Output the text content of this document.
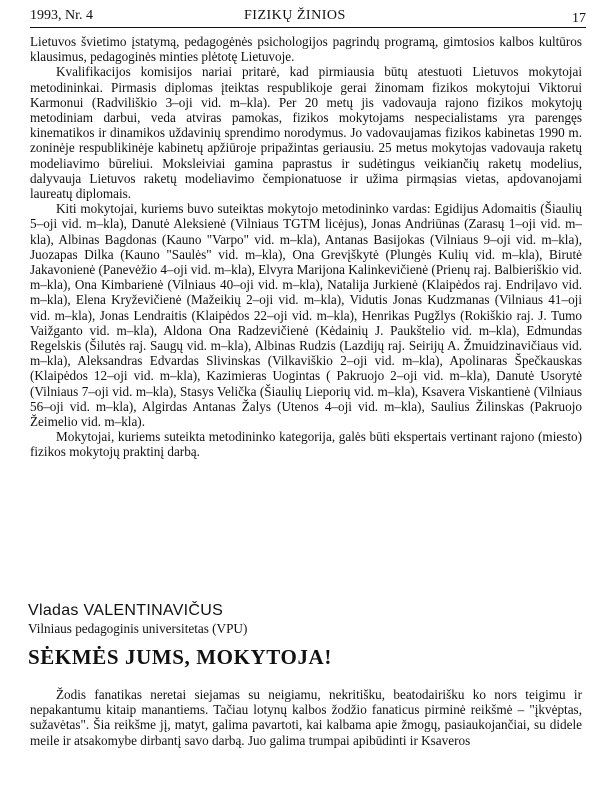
1993, Nr. 4	FIZIKŲ ŽINIOS	17

Lietuvos švietimo įstatymą, pedagogėnės psichologijos pagrindų programą, gimtosios kalbos kultūros klausimus, pedagoginės minties plėtotę Lietuvoje.

Kvalifikacijos komisijos nariai pritarė, kad pirmiausia būtų atestuoti Lietuvos mokytojai metodininkai. Pirmasis diplomas įteiktas respublikoje gerai žinomam fizikos mokytojui Viktorui Karmonui (Radviliškio 3–oji vid. m–kla). Per 20 metų jis vadovauja rajono fizikos mokytojų metodiniam darbui, veda atviras pamokas, fizikos mokytojams nespecialistams yra parengęs kinematikos ir dinamikos uždavinių sprendimo norodymus. Jo vadovaujamas fizikos kabinetas 1990 m. zoninėje respublikinėje kabinetų apžiūroje pripažintas geriausiu. 25 metus mokytojas vadovauja raketų modeliavimo būreliui. Moksleiviai gamina paprastus ir sudėtingus veikiančių raketų modelius, dalyvauja Lietuvos raketų modeliavimo čempionatuose ir užima pirmąsias vietas, apdovanojami laureatų diplomais.

Kiti mokytojai, kuriems buvo suteiktas mokytojo metodininko vardas: Egidijus Adomaitis (Šiaulių 5–oji vid. m–kla), Danutė Aleksienė (Vilniaus TGTM licėjus), Jonas Andriūnas (Zarasų 1–oji vid. m–kla), Albinas Bagdonas (Kauno "Varpo" vid. m–kla), Antanas Basijokas (Vilniaus 9–oji vid. m–kla), Juozapas Dilka (Kauno "Saulės" vid. m–kla), Ona Grevįškytė (Plungės Kulių vid. m–kla), Birutė Jakavonienė (Panevėžio 4–oji vid. m–kla), Elvyra Marijona Kalinkevičienė (Prienų raj. Balbieriškio vid. m–kla), Ona Kimbarienė (Vilniaus 40–oji vid. m–kla), Natalija Jurkienė (Klaipėdos raj. Endriļavo vid. m–kla), Elena Kryževičienė (Mažeikių 2–oji vid. m–kla), Vidutis Jonas Kudzmanas (Vilniaus 41–oji vid. m–kla), Jonas Lendraitis (Klaipėdos 22–oji vid. m–kla), Henrikas Pugžlys (Rokiškio raj. J. Tumo Vaižganto vid. m–kla), Aldona Ona Radzevičienė (Kėdainių J. Paukštelio vid. m–kla), Edmundas Regelskis (Šilutės raj. Saugų vid. m–kla), Albinas Rudzis (Lazdijų raj. Seirijų A. Žmuidzinavičiaus vid. m–kla), Aleksandras Edvardas Slivinskas (Vilkaviškio 2–oji vid. m–kla), Apolinaras Špečkauskas (Klaipėdos 12–oji vid. m–kla), Kazimieras Uogintas ( Pakruojo 2–oji vid. m–kla), Danutė Usorytė (Vilniaus 7–oji vid. m–kla), Stasys Velička (Šiaulių Lieporių vid. m–kla), Ksavera Viskantienė (Vilniaus 56–oji vid. m–kla), Algirdas Antanas Žalys (Utenos 4–oji vid. m–kla), Saulius Žilinskas (Pakruojo Žeimelio vid. m–kla).

Mokytojai, kuriems suteikta metodininko kategorija, galės būti ekspertais vertinant rajono (miesto) fizikos mokytojų praktinį darbą.

Vladas VALENTINAVIČUS
Vilniaus pedagoginis universitetas (VPU)
SĖKMĖS JUMS, MOKYTOJA!

Žodis fanatikas neretai siejamas su neigiamu, nekritišku, beatodairišku ko nors teigimu ir nepakantumu kitaip manantiems. Tačiau lotynų kalbos žodžio fanaticus pirminė reikšmė – "įkvėptas, sužavėtas". Šia reikšme jį, matyt, galima pavartoti, kai kalbama apie žmogų, pasiaukojančiai, su didele meile ir atsakomybe dirbantį savo darbą. Juo galima trumpai apibūdinti ir Ksaveros
